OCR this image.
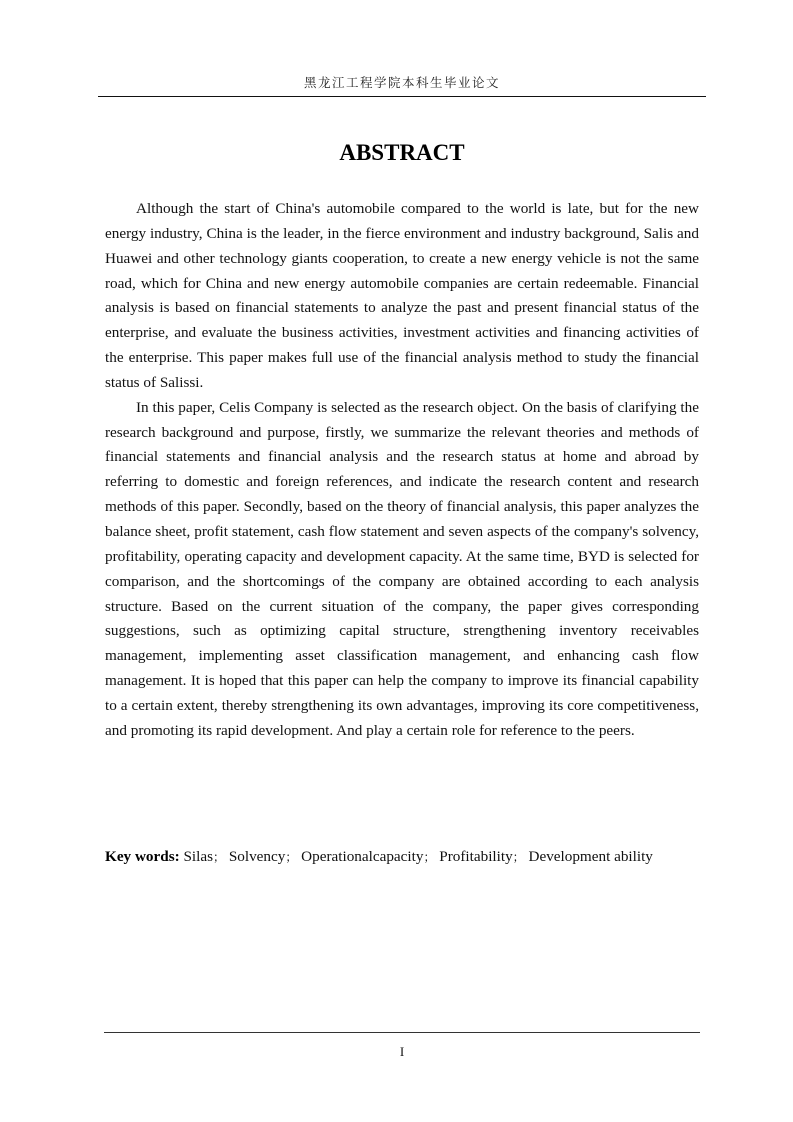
黑龙江工程学院本科生毕业论文
ABSTRACT

Although the start of China's automobile compared to the world is late, but for the new energy industry, China is the leader, in the fierce environment and industry background, Salis and Huawei and other technology giants cooperation, to create a new energy vehicle is not the same road, which for China and new energy automobile companies are certain redeemable. Financial analysis is based on financial statements to analyze the past and present financial status of the enterprise, and evaluate the business activities, investment activities and financing activities of the enterprise. This paper makes full use of the financial analysis method to study the financial status of Salissi.

In this paper, Celis Company is selected as the research object. On the basis of clarifying the research background and purpose, firstly, we summarize the relevant theories and methods of financial statements and financial analysis and the research status at home and abroad by referring to domestic and foreign references, and indicate the research content and research methods of this paper. Secondly, based on the theory of financial analysis, this paper analyzes the balance sheet, profit statement, cash flow statement and seven aspects of the company's solvency, profitability, operating capacity and development capacity. At the same time, BYD is selected for comparison, and the shortcomings of the company are obtained according to each analysis structure. Based on the current situation of the company, the paper gives corresponding suggestions, such as optimizing capital structure, strengthening inventory receivables management, implementing asset classification management, and enhancing cash flow management. It is hoped that this paper can help the company to improve its financial capability to a certain extent, thereby strengthening its own advantages, improving its core competitiveness, and promoting its rapid development. And play a certain role for reference to the peers.

Key words: Silas； Solvency； Operationalcapacity； Profitability； Development ability
I
